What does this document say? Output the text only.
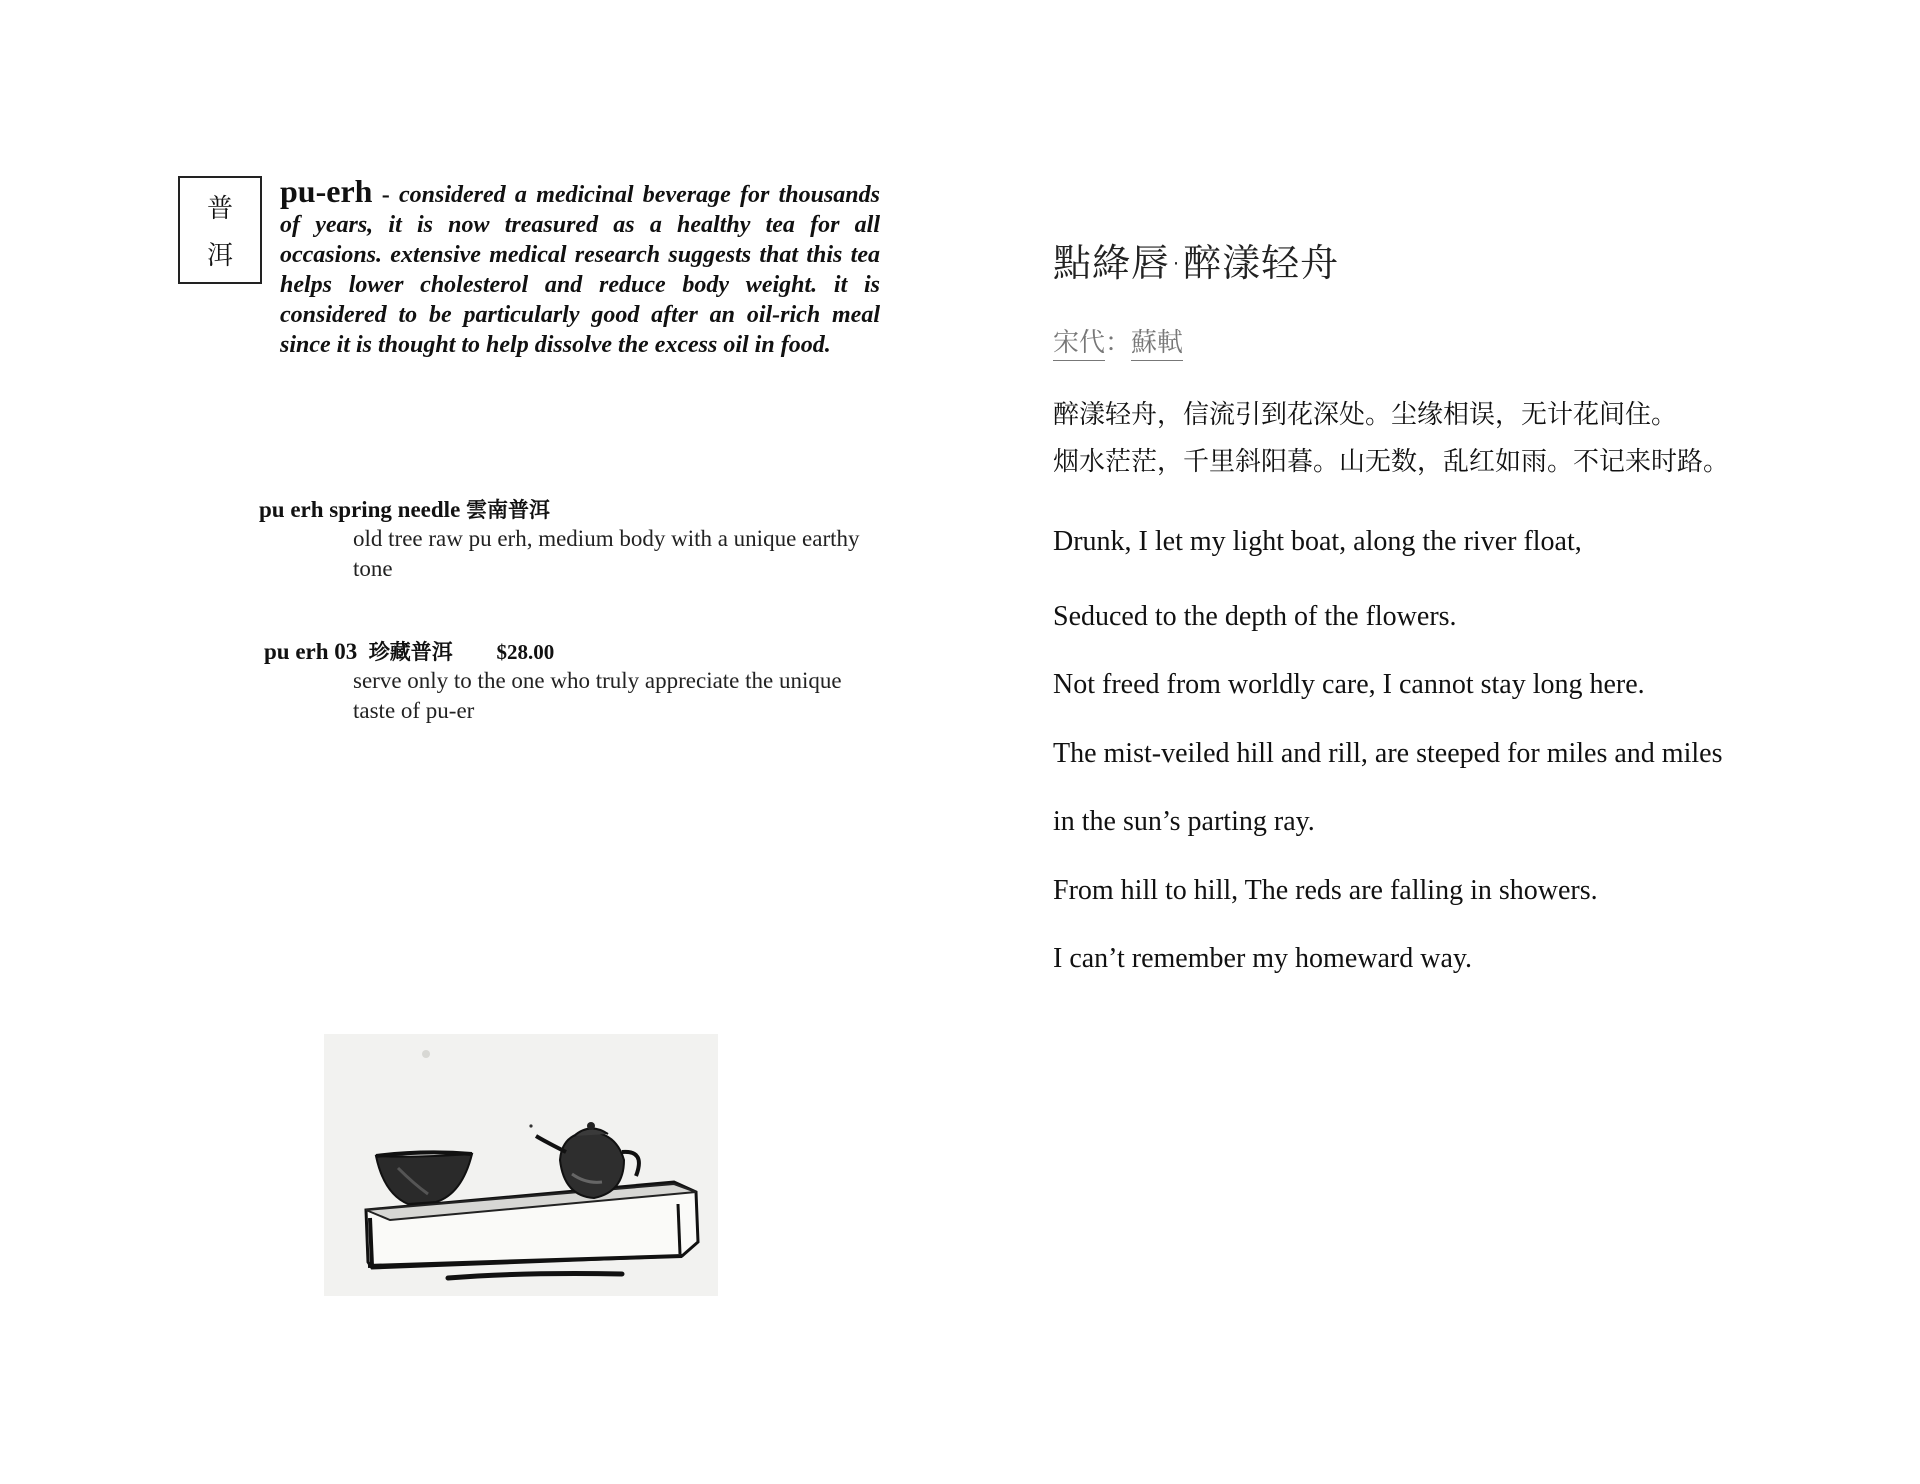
普
洱
pu-erh - considered a medicinal beverage for thousands of years, it is now treasured as a healthy tea for all occasions. extensive medical research suggests that this tea helps lower cholesterol and reduce body weight. it is considered to be particularly good after an oil-rich meal since it is thought to help dissolve the excess oil in food.
pu erh spring needle 雲南普洱
old tree raw pu erh, medium body with a unique earthy tone
pu erh 03 珍藏普洱 $28.00
serve only to the one who truly appreciate the unique taste of pu-er
點絳唇·醉漾轻舟
宋代：蘇軾
醉漾轻舟，信流引到花深处。尘缘相误，无计花间住。
烟水茫茫，千里斜阳暮。山无数，乱红如雨。不记来时路。
Drunk, I let my light boat, along the river float,
Seduced to the depth of the flowers.
Not freed from worldly care, I cannot stay long here.
The mist-veiled hill and rill, are steeped for miles and miles
in the sun’s parting ray.
From hill to hill, The reds are falling in showers.
I can’t remember my homeward way.
